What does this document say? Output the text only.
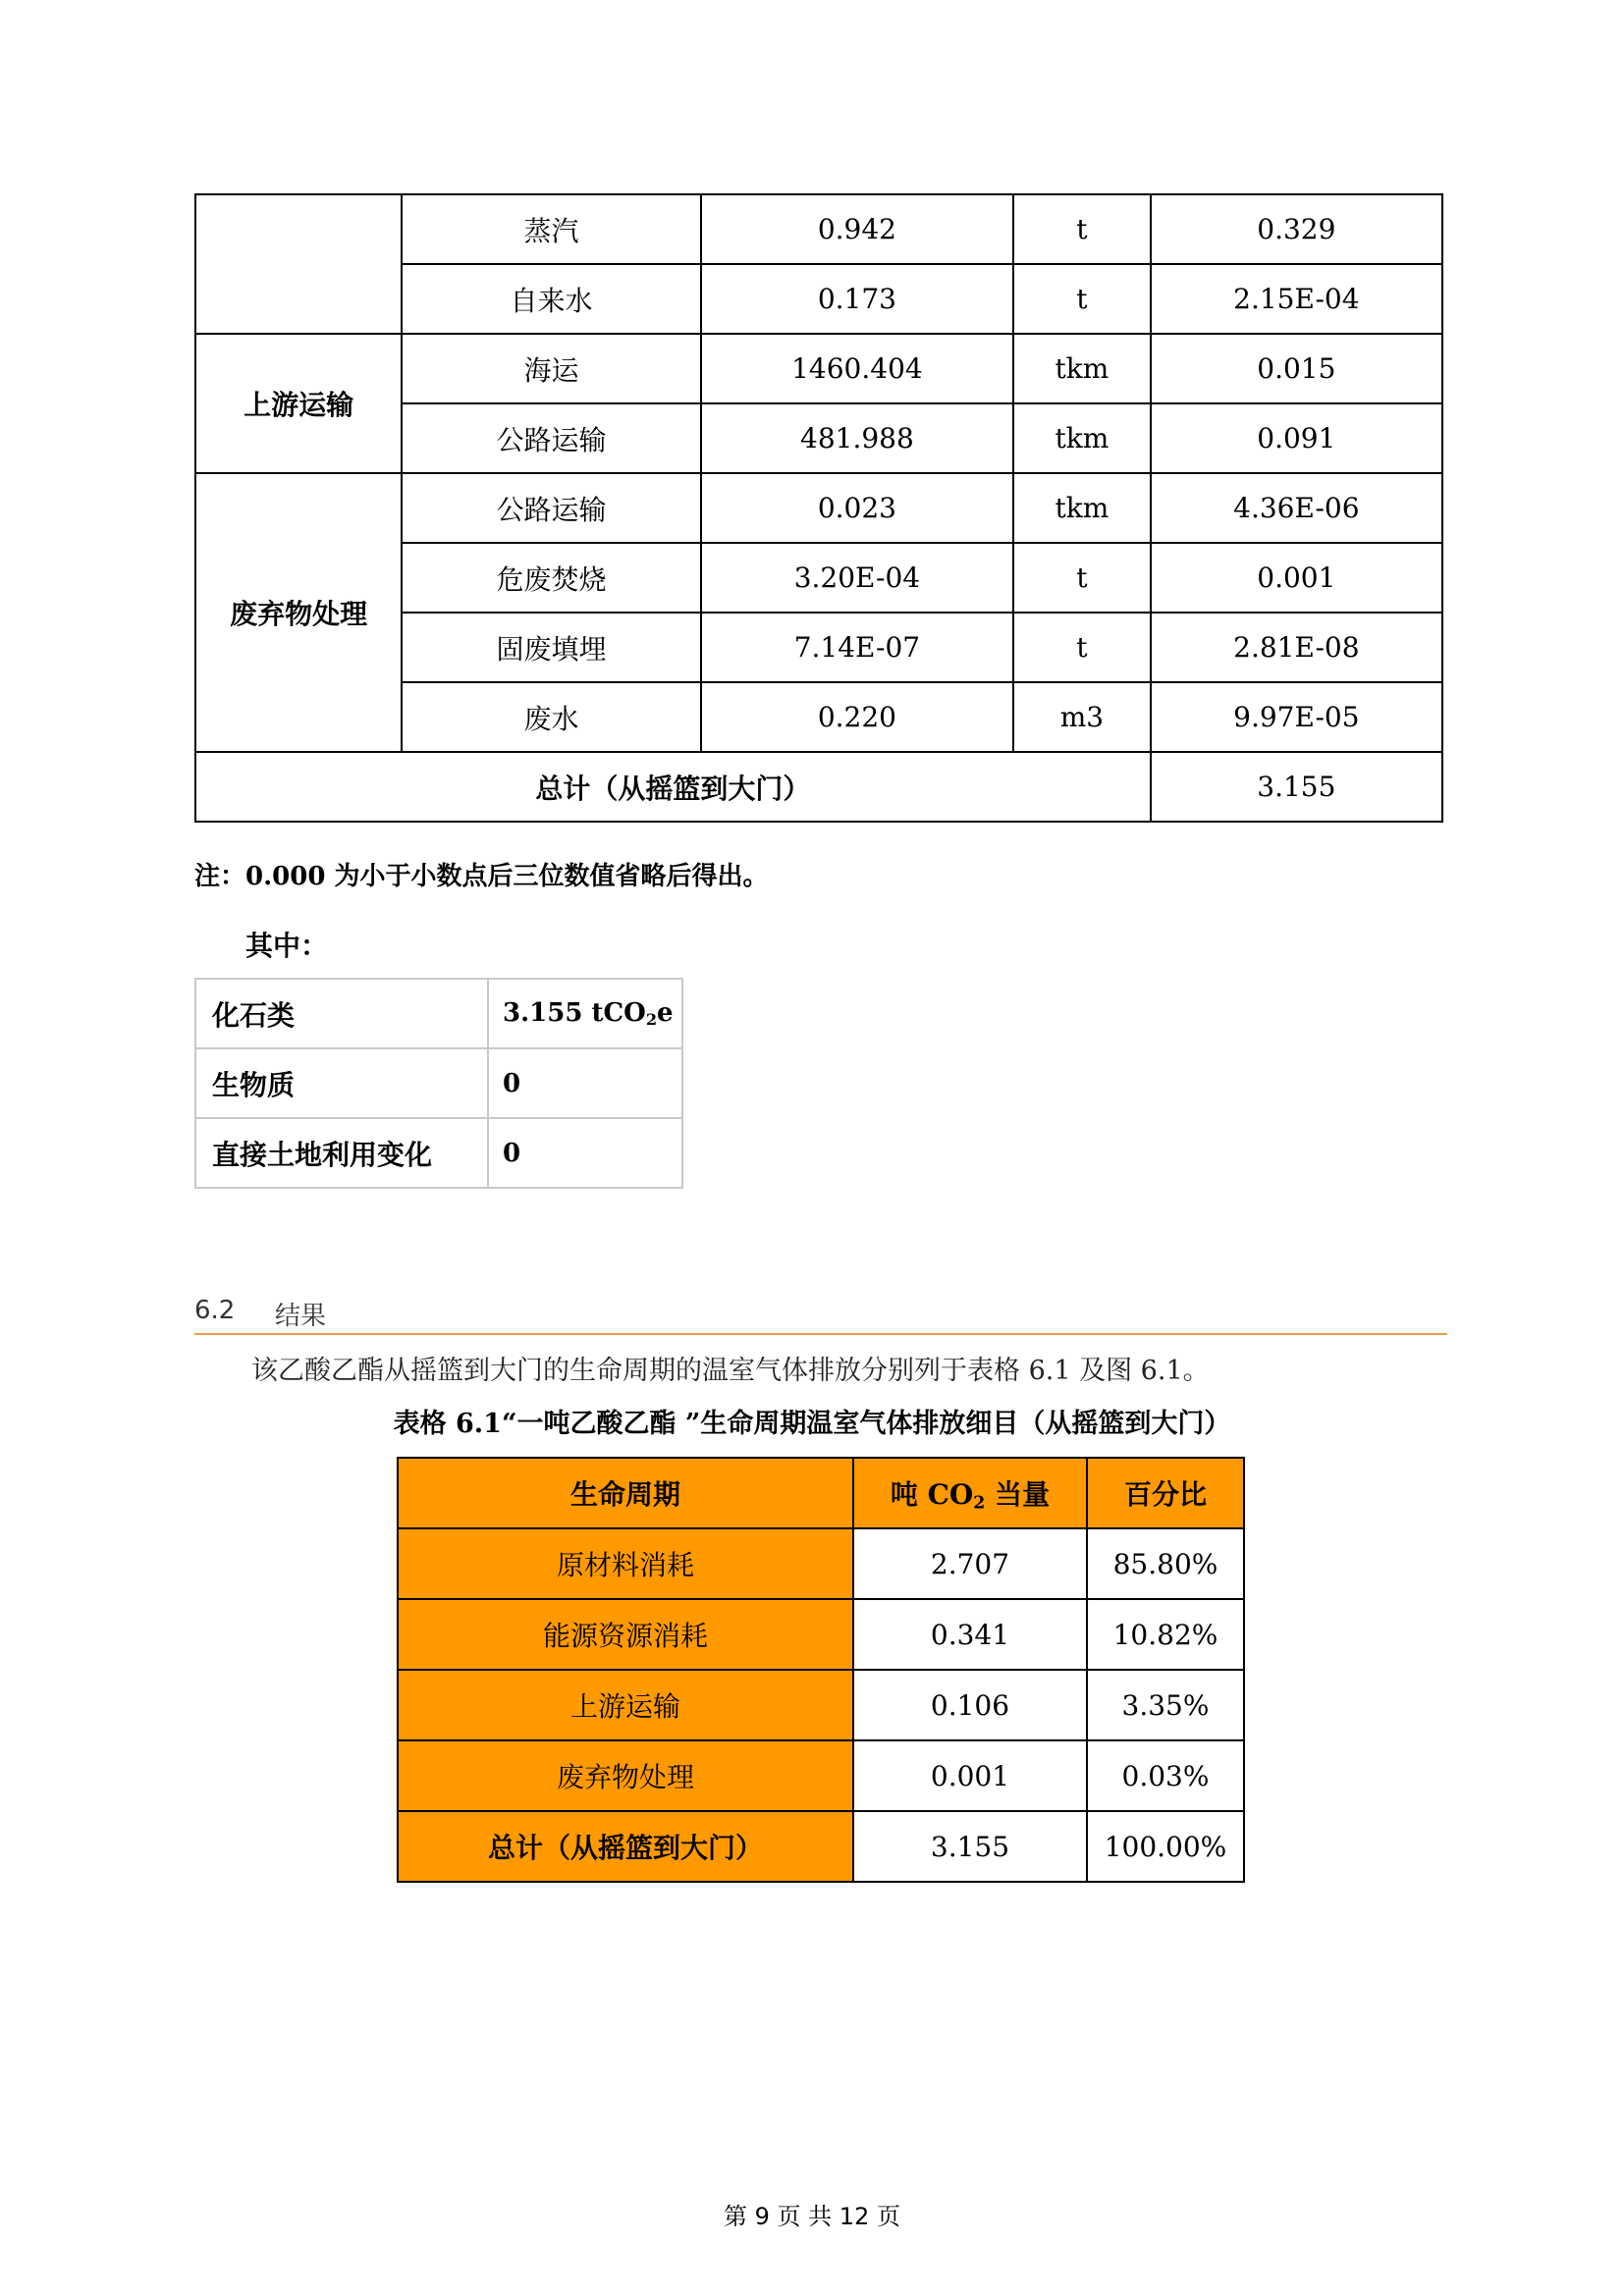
	蒸汽	0.942	t	0.329
	自来水	0.173	t	2.15E-04
上游运输	海运	1460.404	tkm	0.015
	公路运输	481.988	tkm	0.091
废弃物处理	公路运输	0.023	tkm	4.36E-06
	危废焚烧	3.20E-04	t	0.001
	固废填埋	7.14E-07	t	2.81E-08
	废水	0.220	m3	9.97E-05
总计（从摇篮到大门）				3.155
注：0.000 为小于小数点后三位数值省略后得出。
其中：
化石类	3.155 tCO$_2$e
生物质	0
直接土地利用变化	0
6.2 结果
该乙酸乙酯从摇篮到大门的生命周期的温室气体排放分别列于表格 6.1 及图 6.1。
表格 6.1“一吨乙酸乙酯 ”生命周期温室气体排放细目（从摇篮到大门）
生命周期	吨 $CO_2$ 当量	百分比
原材料消耗	2.707	85.80%
能源资源消耗	0.341	10.82%
上游运输	0.106	3.35%
废弃物处理	0.001	0.03%
总计（从摇篮到大门）	3.155	100.00%
第 9 页 共 12 页
